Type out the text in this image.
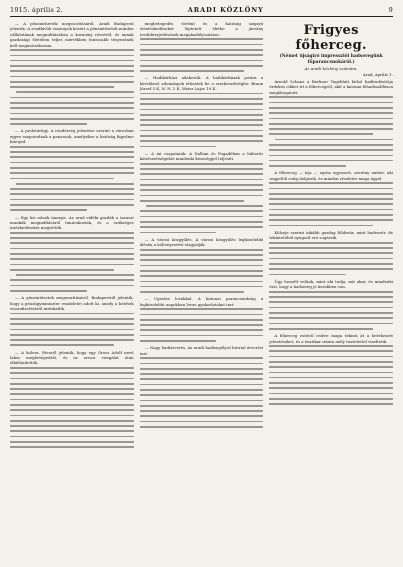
1915. április 2.	ARADI KÖZLÖNY	9

— A pénzintézetek megszorításáról. Aradi Budapesti jelentik: A rendkívüli viszonyok között a pénzintézetek minden vállalatának megindításában a kormány részéről, és annak gazdasági életében teljes mértékben fontosabb tényezőnek kell megmutatkoznia.

— A proletárügy. A rendőrség jelentése szerint a városban egyre szaporodnak a panaszok, amelyekre a hatóság figyelme kiterjed.

— Egy kis nőnek ünnepe. Az arad vidéki gazdák a tavaszi munkák megindításáról tanácskoztak, és a szükséges intézkedéseket megtették.

— A pénzintézetek megszorításáról. Budapestről jelentik, hogy a pénzügyminiszter rendeletet adott ki, amely a betétek visszafizetéséről intézkedik.

— A kolera. Pécsről jelentik, hogy egy Grosz Adolf nevű lakos megbetegedett, és az orvosi vizsgálat után elkülönítették.

megbetegedés történt és a hatóság szigorú óvintézkedéseket léptetett életbe a járvány továbbterjedésének megakadályozására.

— Hadikórházi adakozók. A hadikórházak javára a következő adományok érkeztek be a szerkesztőségbe: Braun József 5 K, N. N. 2 K, Weisz Lajos 10 K.

— A mi csapataink. A Dalban és Fogadóban a háborús kötelezettségeket mindenki készséggel teljesíti.

— A városi közgyűlés. A városi közgyűlés legközelebbi ülésén a költségvetést tárgyalják.

— Ugratás lovakkal. A katonai parancsnokság a legközelebbi napokban lovas gyakorlatokat tart.

— Nagy hadiárverés. Az aradi hadisegélyző hivatal árverést tart.

Frigyes főherceg.
(Német újságíró impressziói hadseregünk főparancsnokáról.)
Az aradi közlöny számára.
Arad, április 1.

Arnold Schanz a Berliner Tageblatt külső haditudósítója érdekes cikket írt a főhercegről, akit a katonai főhadiszálláson meglátogatott.

A főherceg — írja — egész egyszerű, szerény ember, aki reggeltől estig dolgozik, és minden részletre maga ügyel.

Külseje szerint inkább gazdag földesúr, mint hadvezér, de tekintetéből nyugodt erő sugárzik.

Úgy beszélt velünk, mint aki tudja, mit akar, és mindenki érzi, hogy a hadsereg jó kezekben van.

A főherceg estéről estére maga tekinti át a beérkezett jelentéseket, és a tisztikar iránta mély tisztelettel viseltetik.
